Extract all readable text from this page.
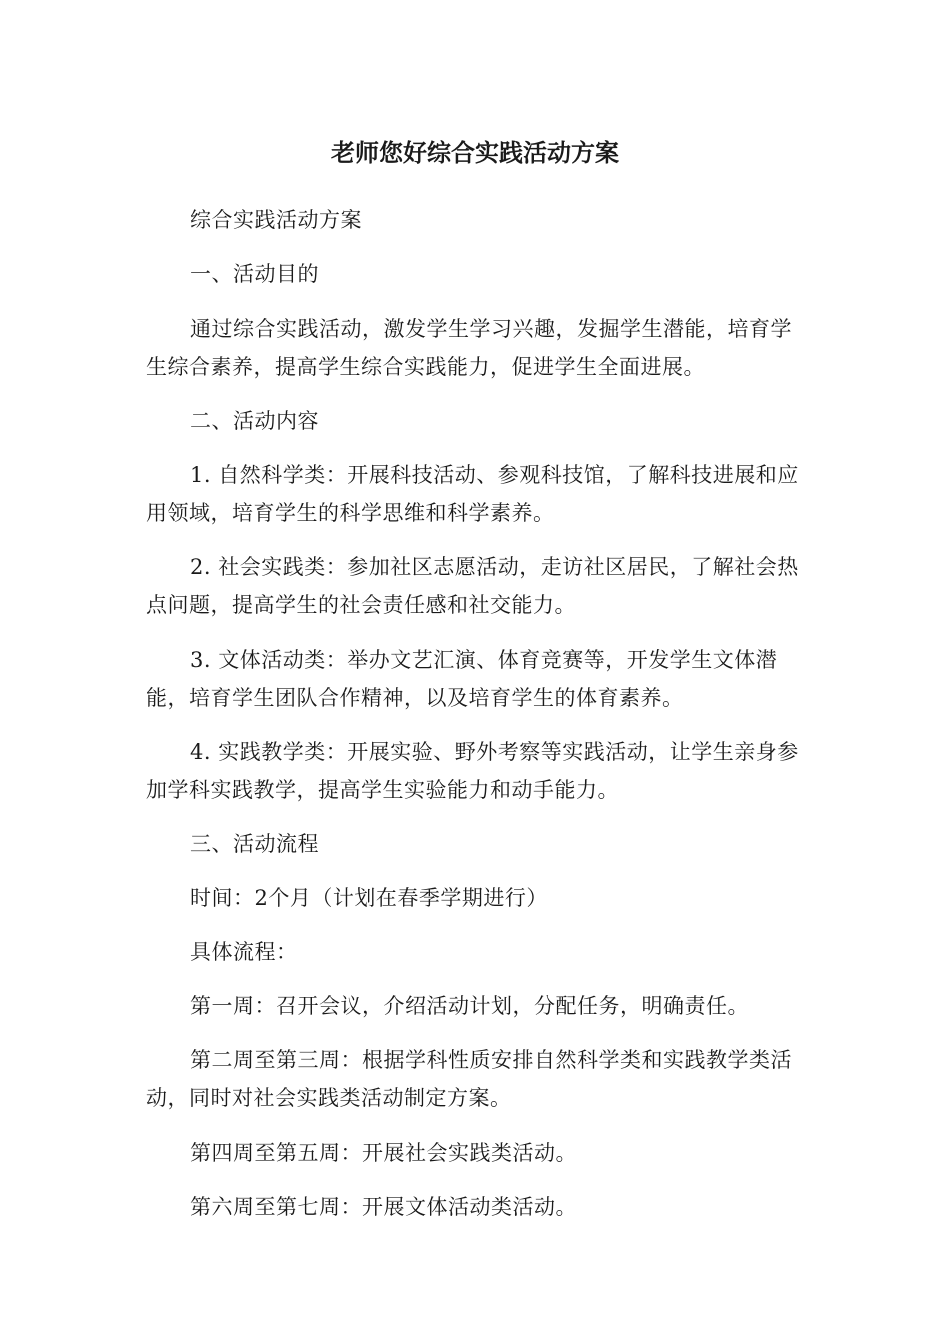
老师您好综合实践活动方案

综合实践活动方案

一、活动目的

通过综合实践活动，激发学生学习兴趣，发掘学生潜能，培育学生综合素养，提高学生综合实践能力，促进学生全面进展。

二、活动内容

1. 自然科学类：开展科技活动、参观科技馆，了解科技进展和应用领域，培育学生的科学思维和科学素养。

2. 社会实践类：参加社区志愿活动，走访社区居民，了解社会热点问题，提高学生的社会责任感和社交能力。

3. 文体活动类：举办文艺汇演、体育竞赛等，开发学生文体潜能，培育学生团队合作精神，以及培育学生的体育素养。

4. 实践教学类：开展实验、野外考察等实践活动，让学生亲身参加学科实践教学，提高学生实验能力和动手能力。

三、活动流程

时间：2个月（计划在春季学期进行）

具体流程：

第一周：召开会议，介绍活动计划，分配任务，明确责任。

第二周至第三周：根据学科性质安排自然科学类和实践教学类活动，同时对社会实践类活动制定方案。

第四周至第五周：开展社会实践类活动。

第六周至第七周：开展文体活动类活动。
